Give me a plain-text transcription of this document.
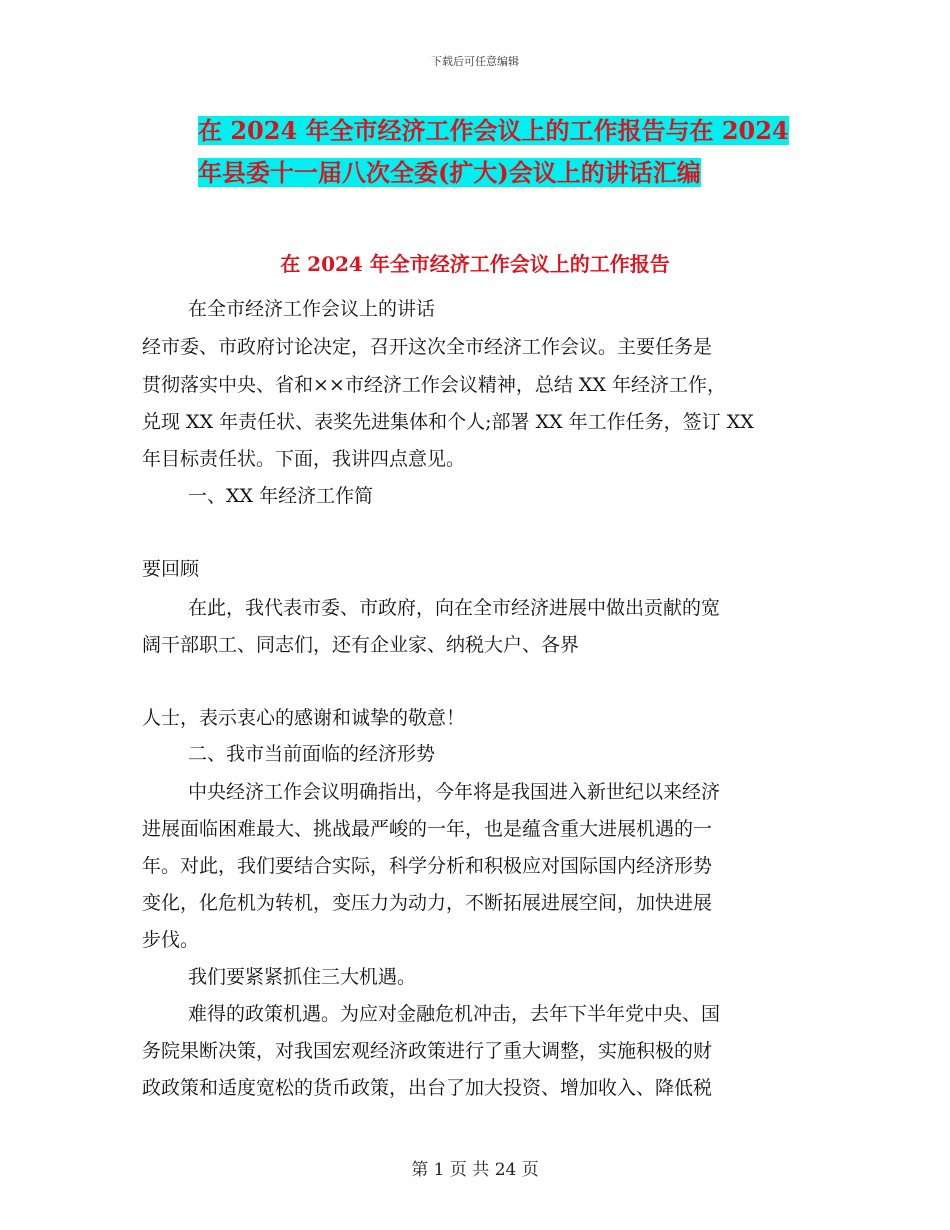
下载后可任意编辑
在 2024 年全市经济工作会议上的工作报告与在 2024
年县委十一届八次全委(扩大)会议上的讲话汇编
在 2024 年全市经济工作会议上的工作报告
在全市经济工作会议上的讲话
经市委、市政府讨论决定，召开这次全市经济工作会议。主要任务是
贯彻落实中央、省和××市经济工作会议精神，总结 XX 年经济工作，
兑现 XX 年责任状、表奖先进集体和个人;部署 XX 年工作任务，签订 XX
年目标责任状。下面，我讲四点意见。
一、XX 年经济工作简
要回顾
在此，我代表市委、市政府，向在全市经济进展中做出贡献的宽
阔干部职工、同志们，还有企业家、纳税大户、各界
人士，表示衷心的感谢和诚挚的敬意！
二、我市当前面临的经济形势
中央经济工作会议明确指出，今年将是我国进入新世纪以来经济
进展面临困难最大、挑战最严峻的一年，也是蕴含重大进展机遇的一
年。对此，我们要结合实际，科学分析和积极应对国际国内经济形势
变化，化危机为转机，变压力为动力，不断拓展进展空间，加快进展
步伐。
我们要紧紧抓住三大机遇。
难得的政策机遇。为应对金融危机冲击，去年下半年党中央、国
务院果断决策，对我国宏观经济政策进行了重大调整，实施积极的财
政政策和适度宽松的货币政策，出台了加大投资、增加收入、降低税
第 1 页 共 24 页
